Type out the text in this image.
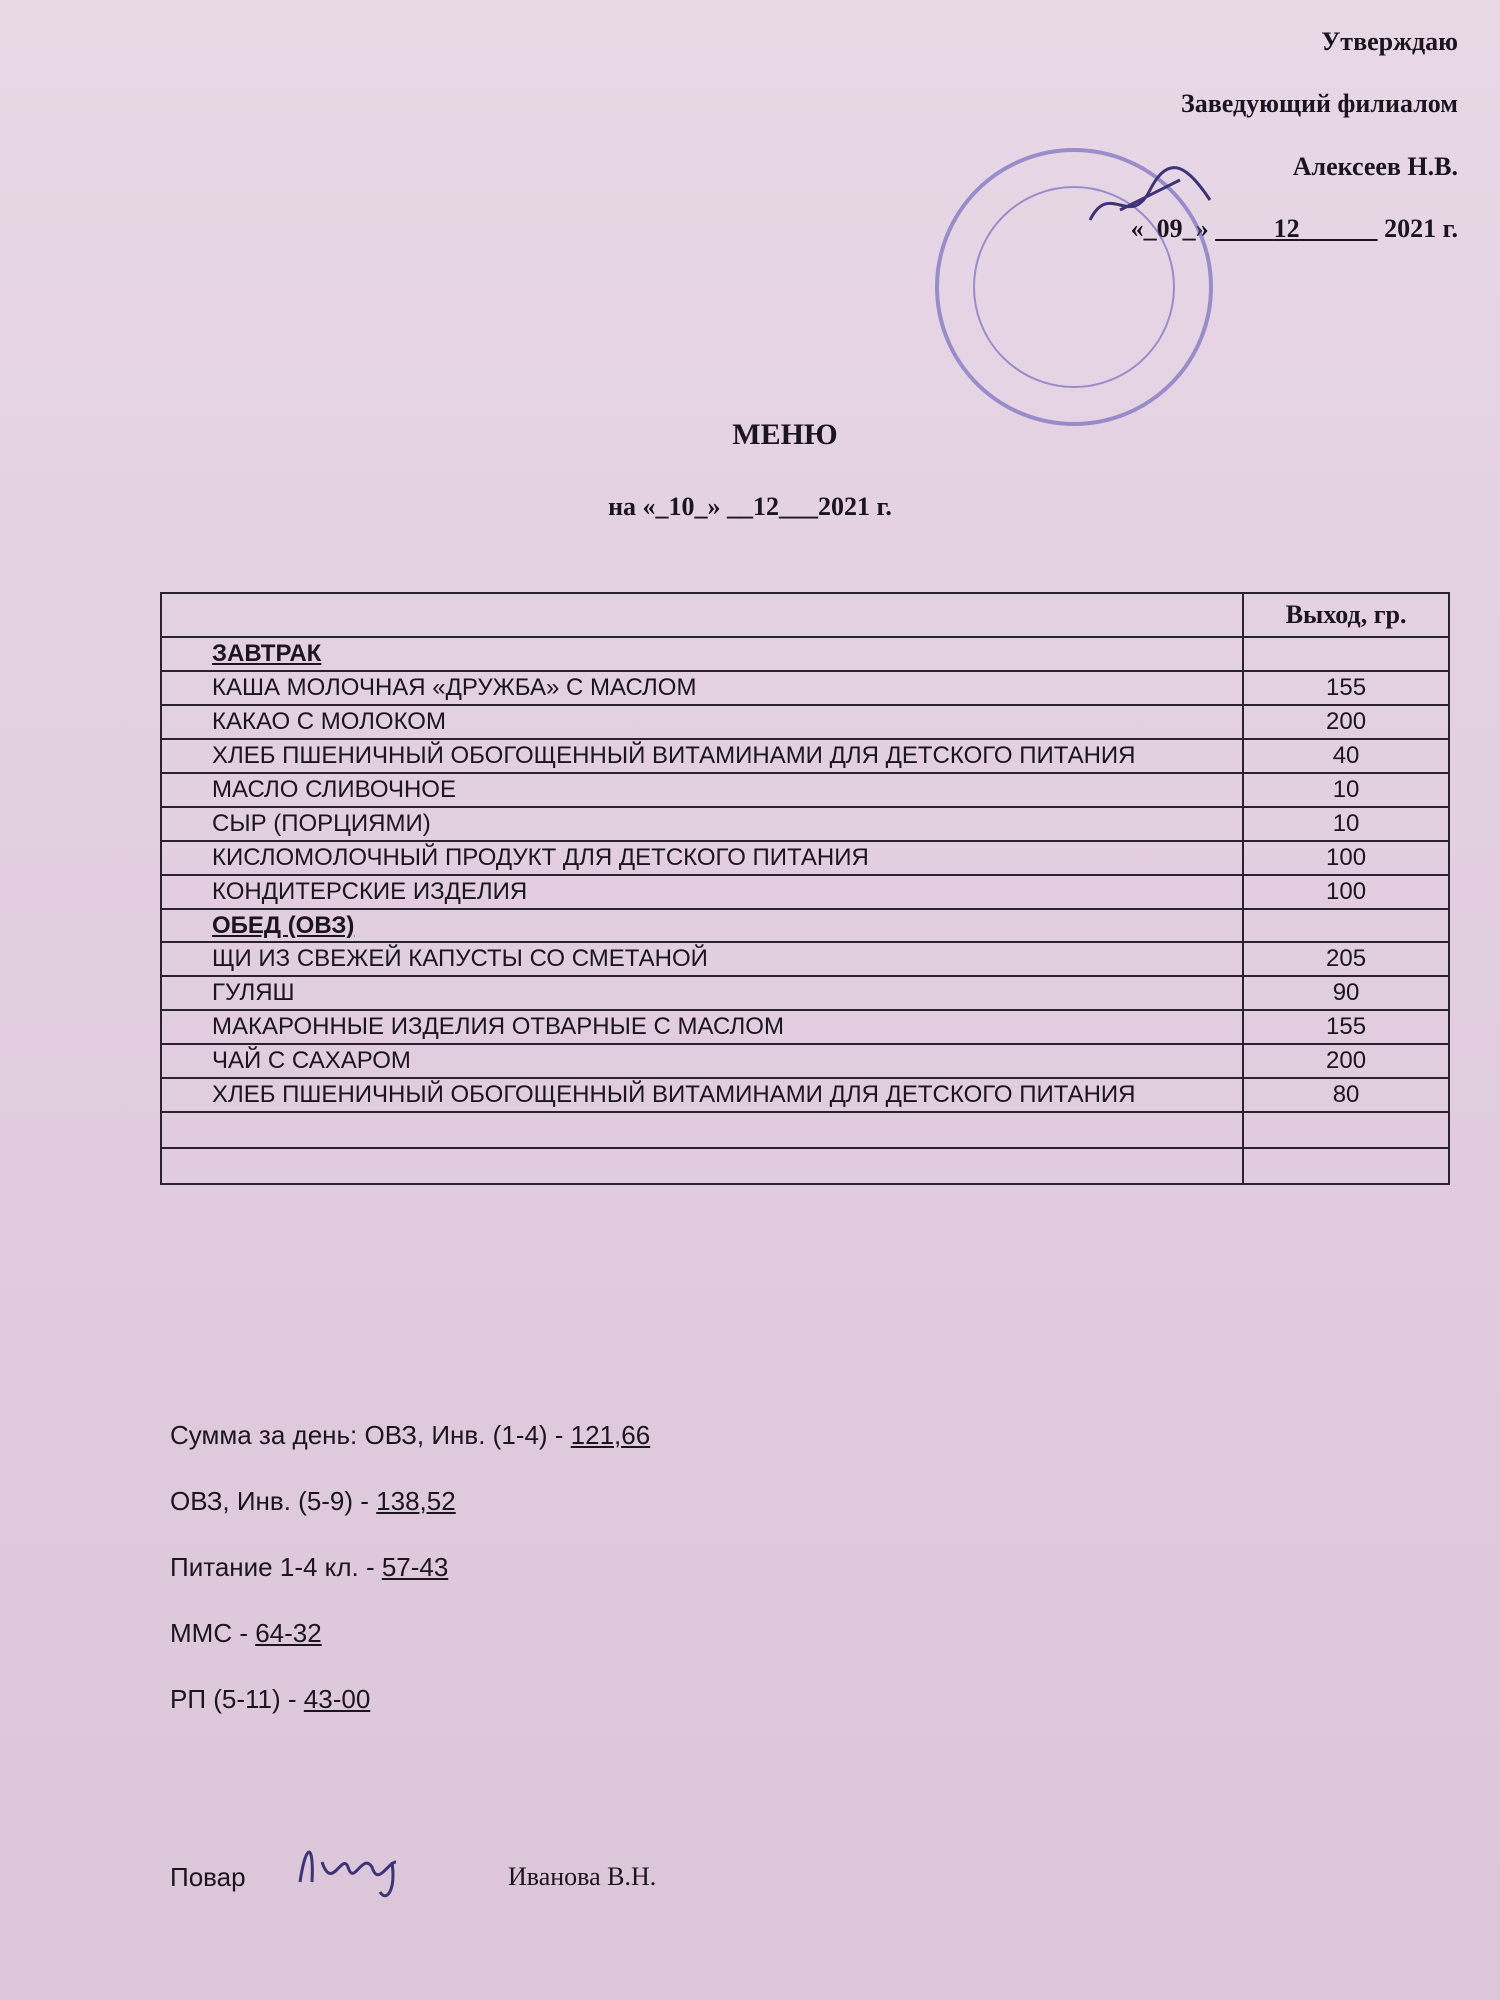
Утверждаю
Заведующий филиалом
Алексеев Н.В.
«_09_»	12	2021 г.
МЕНЮ
на «_10_» __12___2021 г.
	Выход, гр.
ЗАВТРАК	
КАША МОЛОЧНАЯ «ДРУЖБА» С МАСЛОМ	155
КАКАО С МОЛОКОМ	200
ХЛЕБ ПШЕНИЧНЫЙ ОБОГОЩЕННЫЙ ВИТАМИНАМИ ДЛЯ ДЕТСКОГО ПИТАНИЯ	40
МАСЛО СЛИВОЧНОЕ	10
СЫР (ПОРЦИЯМИ)	10
КИСЛОМОЛОЧНЫЙ ПРОДУКТ ДЛЯ ДЕТСКОГО ПИТАНИЯ	100
КОНДИТЕРСКИЕ ИЗДЕЛИЯ	100
ОБЕД (ОВЗ)	
ЩИ ИЗ СВЕЖЕЙ КАПУСТЫ СО СМЕТАНОЙ	205
ГУЛЯШ	90
МАКАРОННЫЕ ИЗДЕЛИЯ ОТВАРНЫЕ С МАСЛОМ	155
ЧАЙ С САХАРОМ	200
ХЛЕБ ПШЕНИЧНЫЙ ОБОГОЩЕННЫЙ ВИТАМИНАМИ ДЛЯ ДЕТСКОГО ПИТАНИЯ	80

Сумма за день: ОВЗ, Инв. (1-4) - 121,66
ОВЗ, Инв. (5-9) - 138,52
Питание 1-4 кл. - 57-43
ММС - 64-32
РП (5-11) - 43-00
Повар	Иванова В.Н.
